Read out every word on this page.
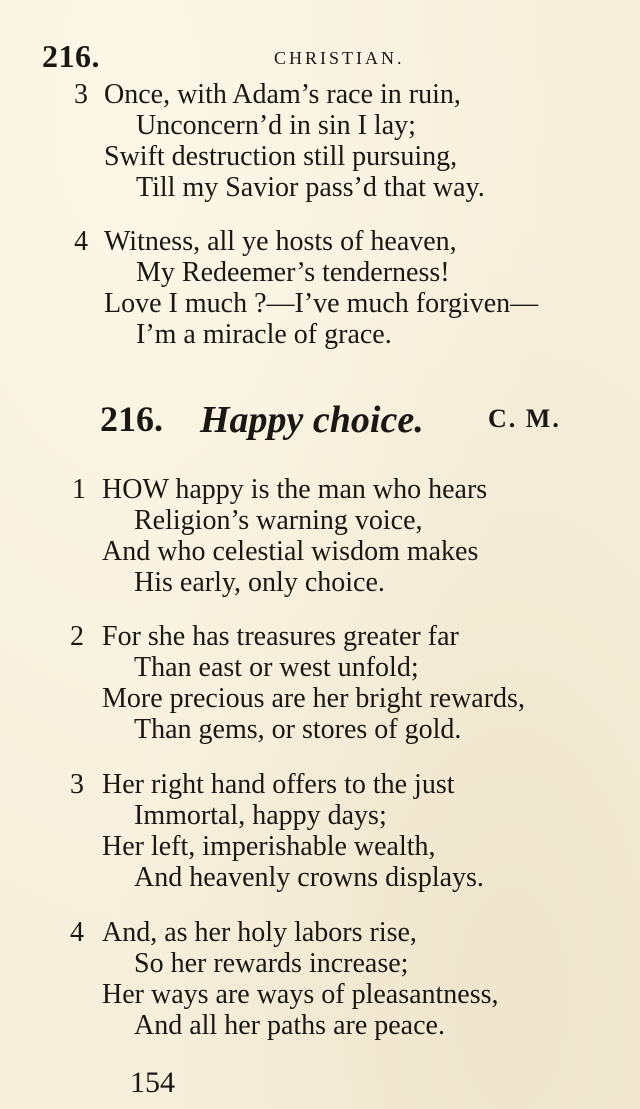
216.	CHRISTIAN.
3 Once, with Adam’s race in ruin,
Unconcern’d in sin I lay;
Swift destruction still pursuing,
Till my Savior pass’d that way.
4 Witness, all ye hosts of heaven,
My Redeemer’s tenderness!
Love I much ?—I’ve much forgiven—
I’m a miracle of grace.
216. Happy choice. C. M.
1 HOW happy is the man who hears
Religion’s warning voice,
And who celestial wisdom makes
His early, only choice.
2 For she has treasures greater far
Than east or west unfold;
More precious are her bright rewards,
Than gems, or stores of gold.
3 Her right hand offers to the just
Immortal, happy days;
Her left, imperishable wealth,
And heavenly crowns displays.
4 And, as her holy labors rise,
So her rewards increase;
Her ways are ways of pleasantness,
And all her paths are peace.
154
